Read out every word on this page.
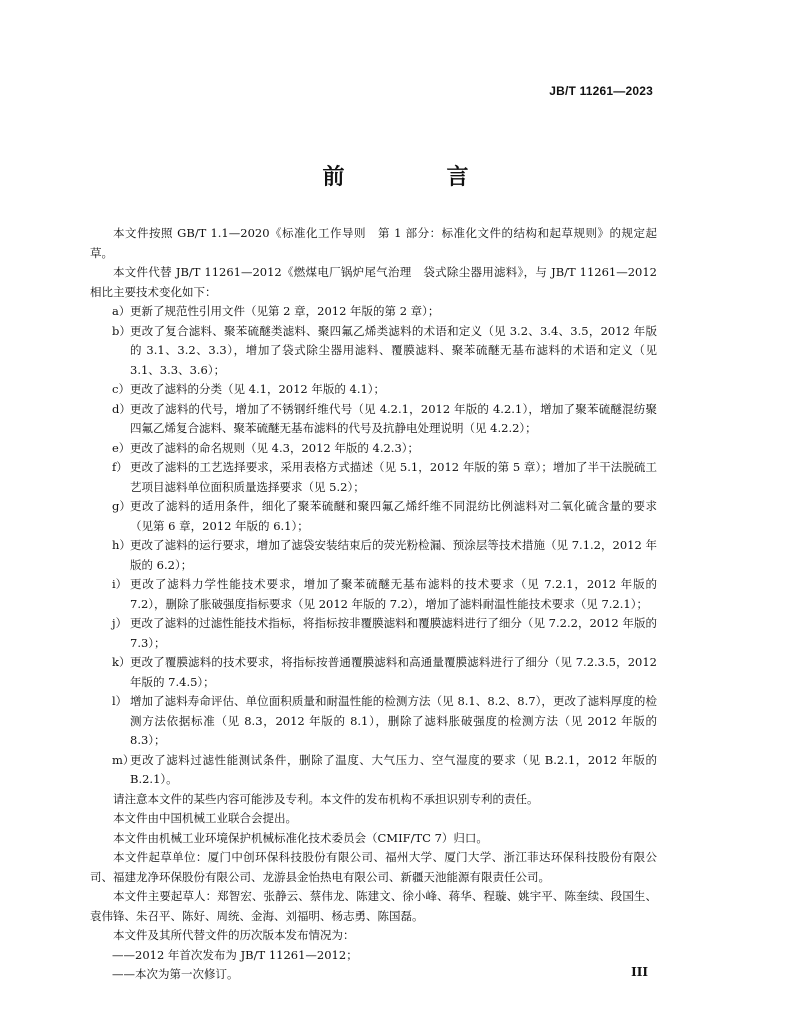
JB/T 11261—2023
前　言

本文件按照 GB/T 1.1—2020《标准化工作导则　第 1 部分：标准化文件的结构和起草规则》的规定起草。

本文件代替 JB/T 11261—2012《燃煤电厂锅炉尾气治理　袋式除尘器用滤料》，与 JB/T 11261—2012 相比主要技术变化如下：

a） 更新了规范性引用文件（见第 2 章，2012 年版的第 2 章）；
b） 更改了复合滤料、聚苯硫醚类滤料、聚四氟乙烯类滤料的术语和定义（见 3.2、3.4、3.5，2012 年版的 3.1、3.2、3.3），增加了袋式除尘器用滤料、覆膜滤料、聚苯硫醚无基布滤料的术语和定义（见 3.1、3.3、3.6）；
c） 更改了滤料的分类（见 4.1，2012 年版的 4.1）；
d） 更改了滤料的代号，增加了不锈钢纤维代号（见 4.2.1，2012 年版的 4.2.1），增加了聚苯硫醚混纺聚四氟乙烯复合滤料、聚苯硫醚无基布滤料的代号及抗静电处理说明（见 4.2.2）；
e） 更改了滤料的命名规则（见 4.3，2012 年版的 4.2.3）；
f） 更改了滤料的工艺选择要求，采用表格方式描述（见 5.1，2012 年版的第 5 章）；增加了半干法脱硫工艺项目滤料单位面积质量选择要求（见 5.2）；
g） 更改了滤料的适用条件，细化了聚苯硫醚和聚四氟乙烯纤维不同混纺比例滤料对二氧化硫含量的要求（见第 6 章，2012 年版的 6.1）；
h） 更改了滤料的运行要求，增加了滤袋安装结束后的荧光粉检漏、预涂层等技术措施（见 7.1.2，2012 年版的 6.2）；
i） 更改了滤料力学性能技术要求，增加了聚苯硫醚无基布滤料的技术要求（见 7.2.1，2012 年版的 7.2），删除了胀破强度指标要求（见 2012 年版的 7.2），增加了滤料耐温性能技术要求（见 7.2.1）；
j） 更改了滤料的过滤性能技术指标，将指标按非覆膜滤料和覆膜滤料进行了细分（见 7.2.2，2012 年版的 7.3）；
k） 更改了覆膜滤料的技术要求，将指标按普通覆膜滤料和高通量覆膜滤料进行了细分（见 7.2.3.5，2012 年版的 7.4.5）；
l） 增加了滤料寿命评估、单位面积质量和耐温性能的检测方法（见 8.1、8.2、8.7），更改了滤料厚度的检测方法依据标准（见 8.3，2012 年版的 8.1），删除了滤料胀破强度的检测方法（见 2012 年版的 8.3）；
m）
更改了滤料过滤性能测试条件，删除了温度、大气压力、空气湿度的要求（见 B.2.1，2012 年版的 B.2.1）。

请注意本文件的某些内容可能涉及专利。本文件的发布机构不承担识别专利的责任。

本文件由中国机械工业联合会提出。

本文件由机械工业环境保护机械标准化技术委员会（CMIF/TC 7）归口。

本文件起草单位：厦门中创环保科技股份有限公司、福州大学、厦门大学、浙江菲达环保科技股份有限公司、福建龙净环保股份有限公司、龙游县金怡热电有限公司、新疆天池能源有限责任公司。

本文件主要起草人：郑智宏、张静云、蔡伟龙、陈建文、徐小峰、蒋华、程璇、姚宇平、陈奎续、段国生、袁伟锋、朱召平、陈好、周统、金海、刘福明、杨志勇、陈国磊。

本文件及其所代替文件的历次版本发布情况为：

——2012 年首次发布为 JB/T 11261—2012；
——本次为第一次修订。	III
